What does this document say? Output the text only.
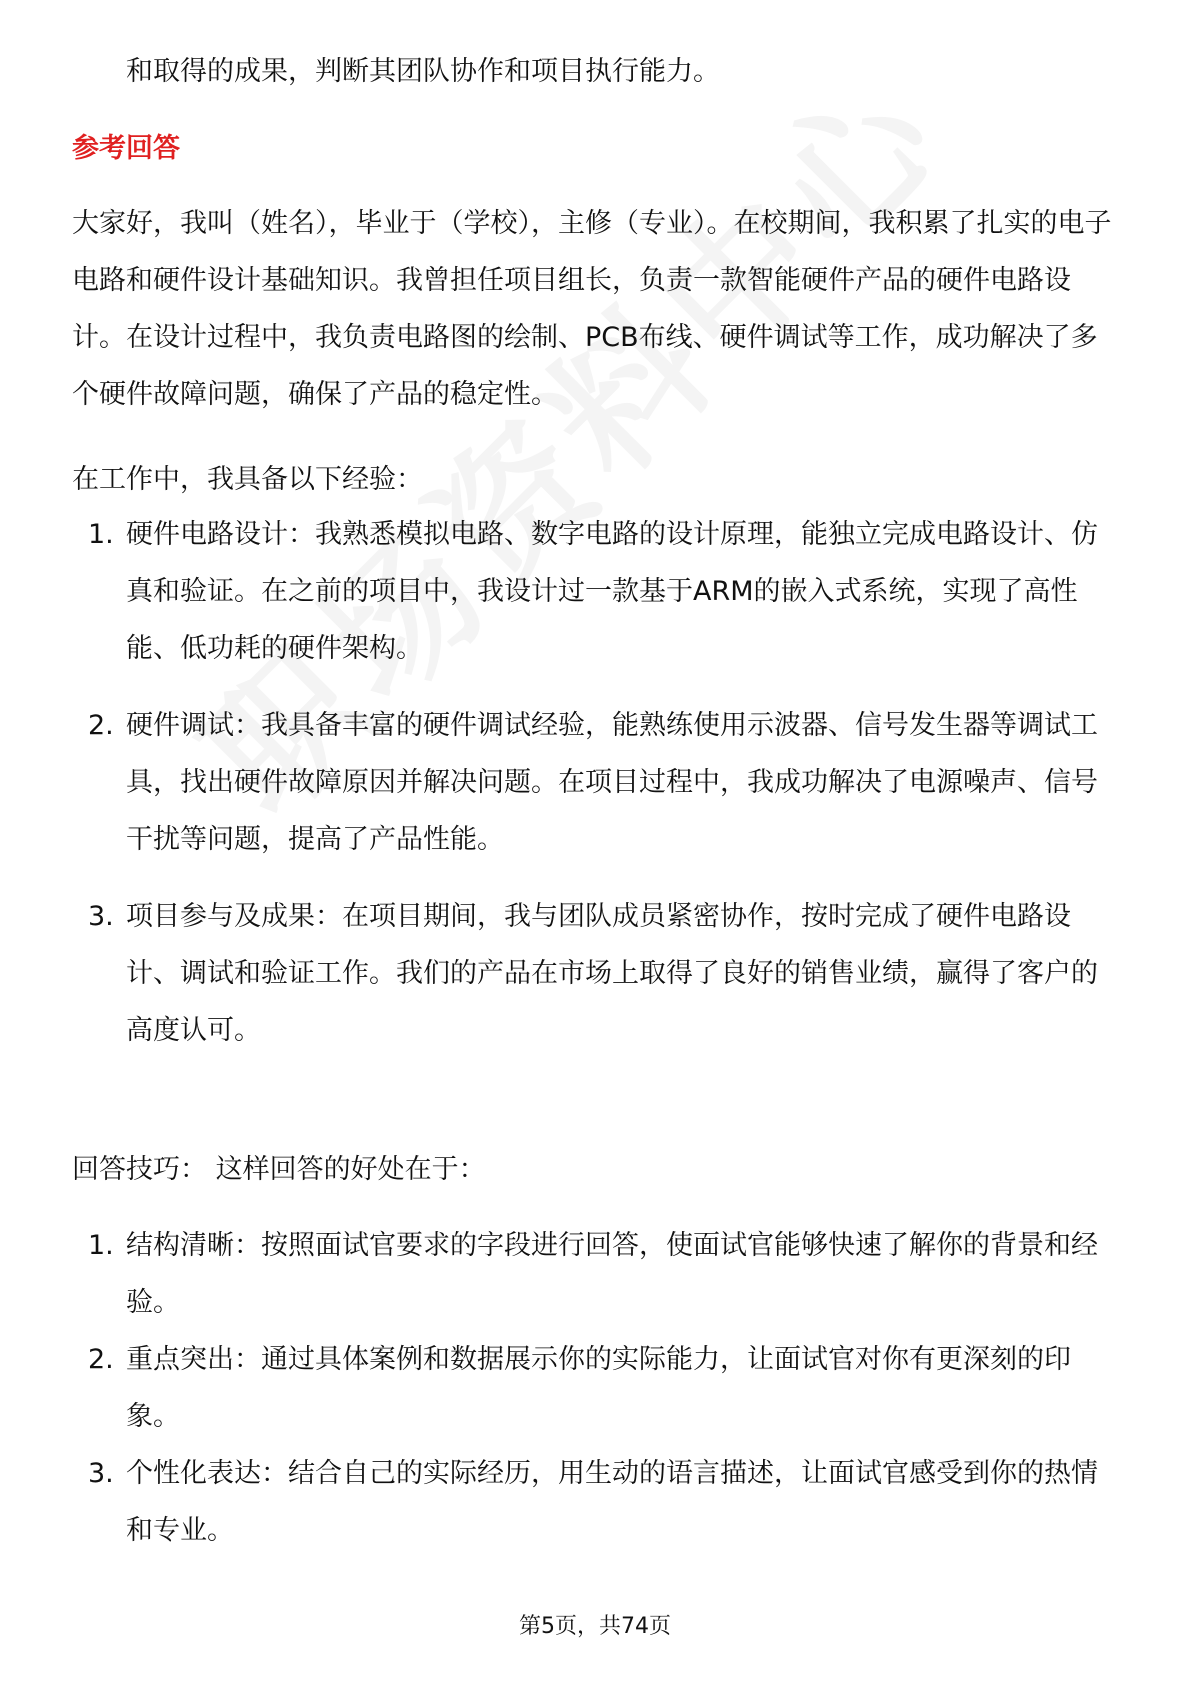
和取得的成果，判断其团队协作和项目执行能力。

参考回答

大家好，我叫（姓名），毕业于（学校），主修（专业）。在校期间，我积累了扎实的电子电路和硬件设计基础知识。我曾担任项目组长，负责一款智能硬件产品的硬件电路设计。在设计过程中，我负责电路图的绘制、PCB布线、硬件调试等工作，成功解决了多个硬件故障问题，确保了产品的稳定性。

在工作中，我具备以下经验：

1. 硬件电路设计：我熟悉模拟电路、数字电路的设计原理，能独立完成电路设计、仿真和验证。在之前的项目中，我设计过一款基于ARM的嵌入式系统，实现了高性能、低功耗的硬件架构。

2. 硬件调试：我具备丰富的硬件调试经验，能熟练使用示波器、信号发生器等调试工具，找出硬件故障原因并解决问题。在项目过程中，我成功解决了电源噪声、信号干扰等问题，提高了产品性能。

3. 项目参与及成果：在项目期间，我与团队成员紧密协作，按时完成了硬件电路设计、调试和验证工作。我们的产品在市场上取得了良好的销售业绩，赢得了客户的高度认可。

回答技巧： 这样回答的好处在于：

1. 结构清晰：按照面试官要求的字段进行回答，使面试官能够快速了解你的背景和经验。

2. 重点突出：通过具体案例和数据展示你的实际能力，让面试官对你有更深刻的印象。

3. 个性化表达：结合自己的实际经历，用生动的语言描述，让面试官感受到你的热情和专业。

第5页，共74页
